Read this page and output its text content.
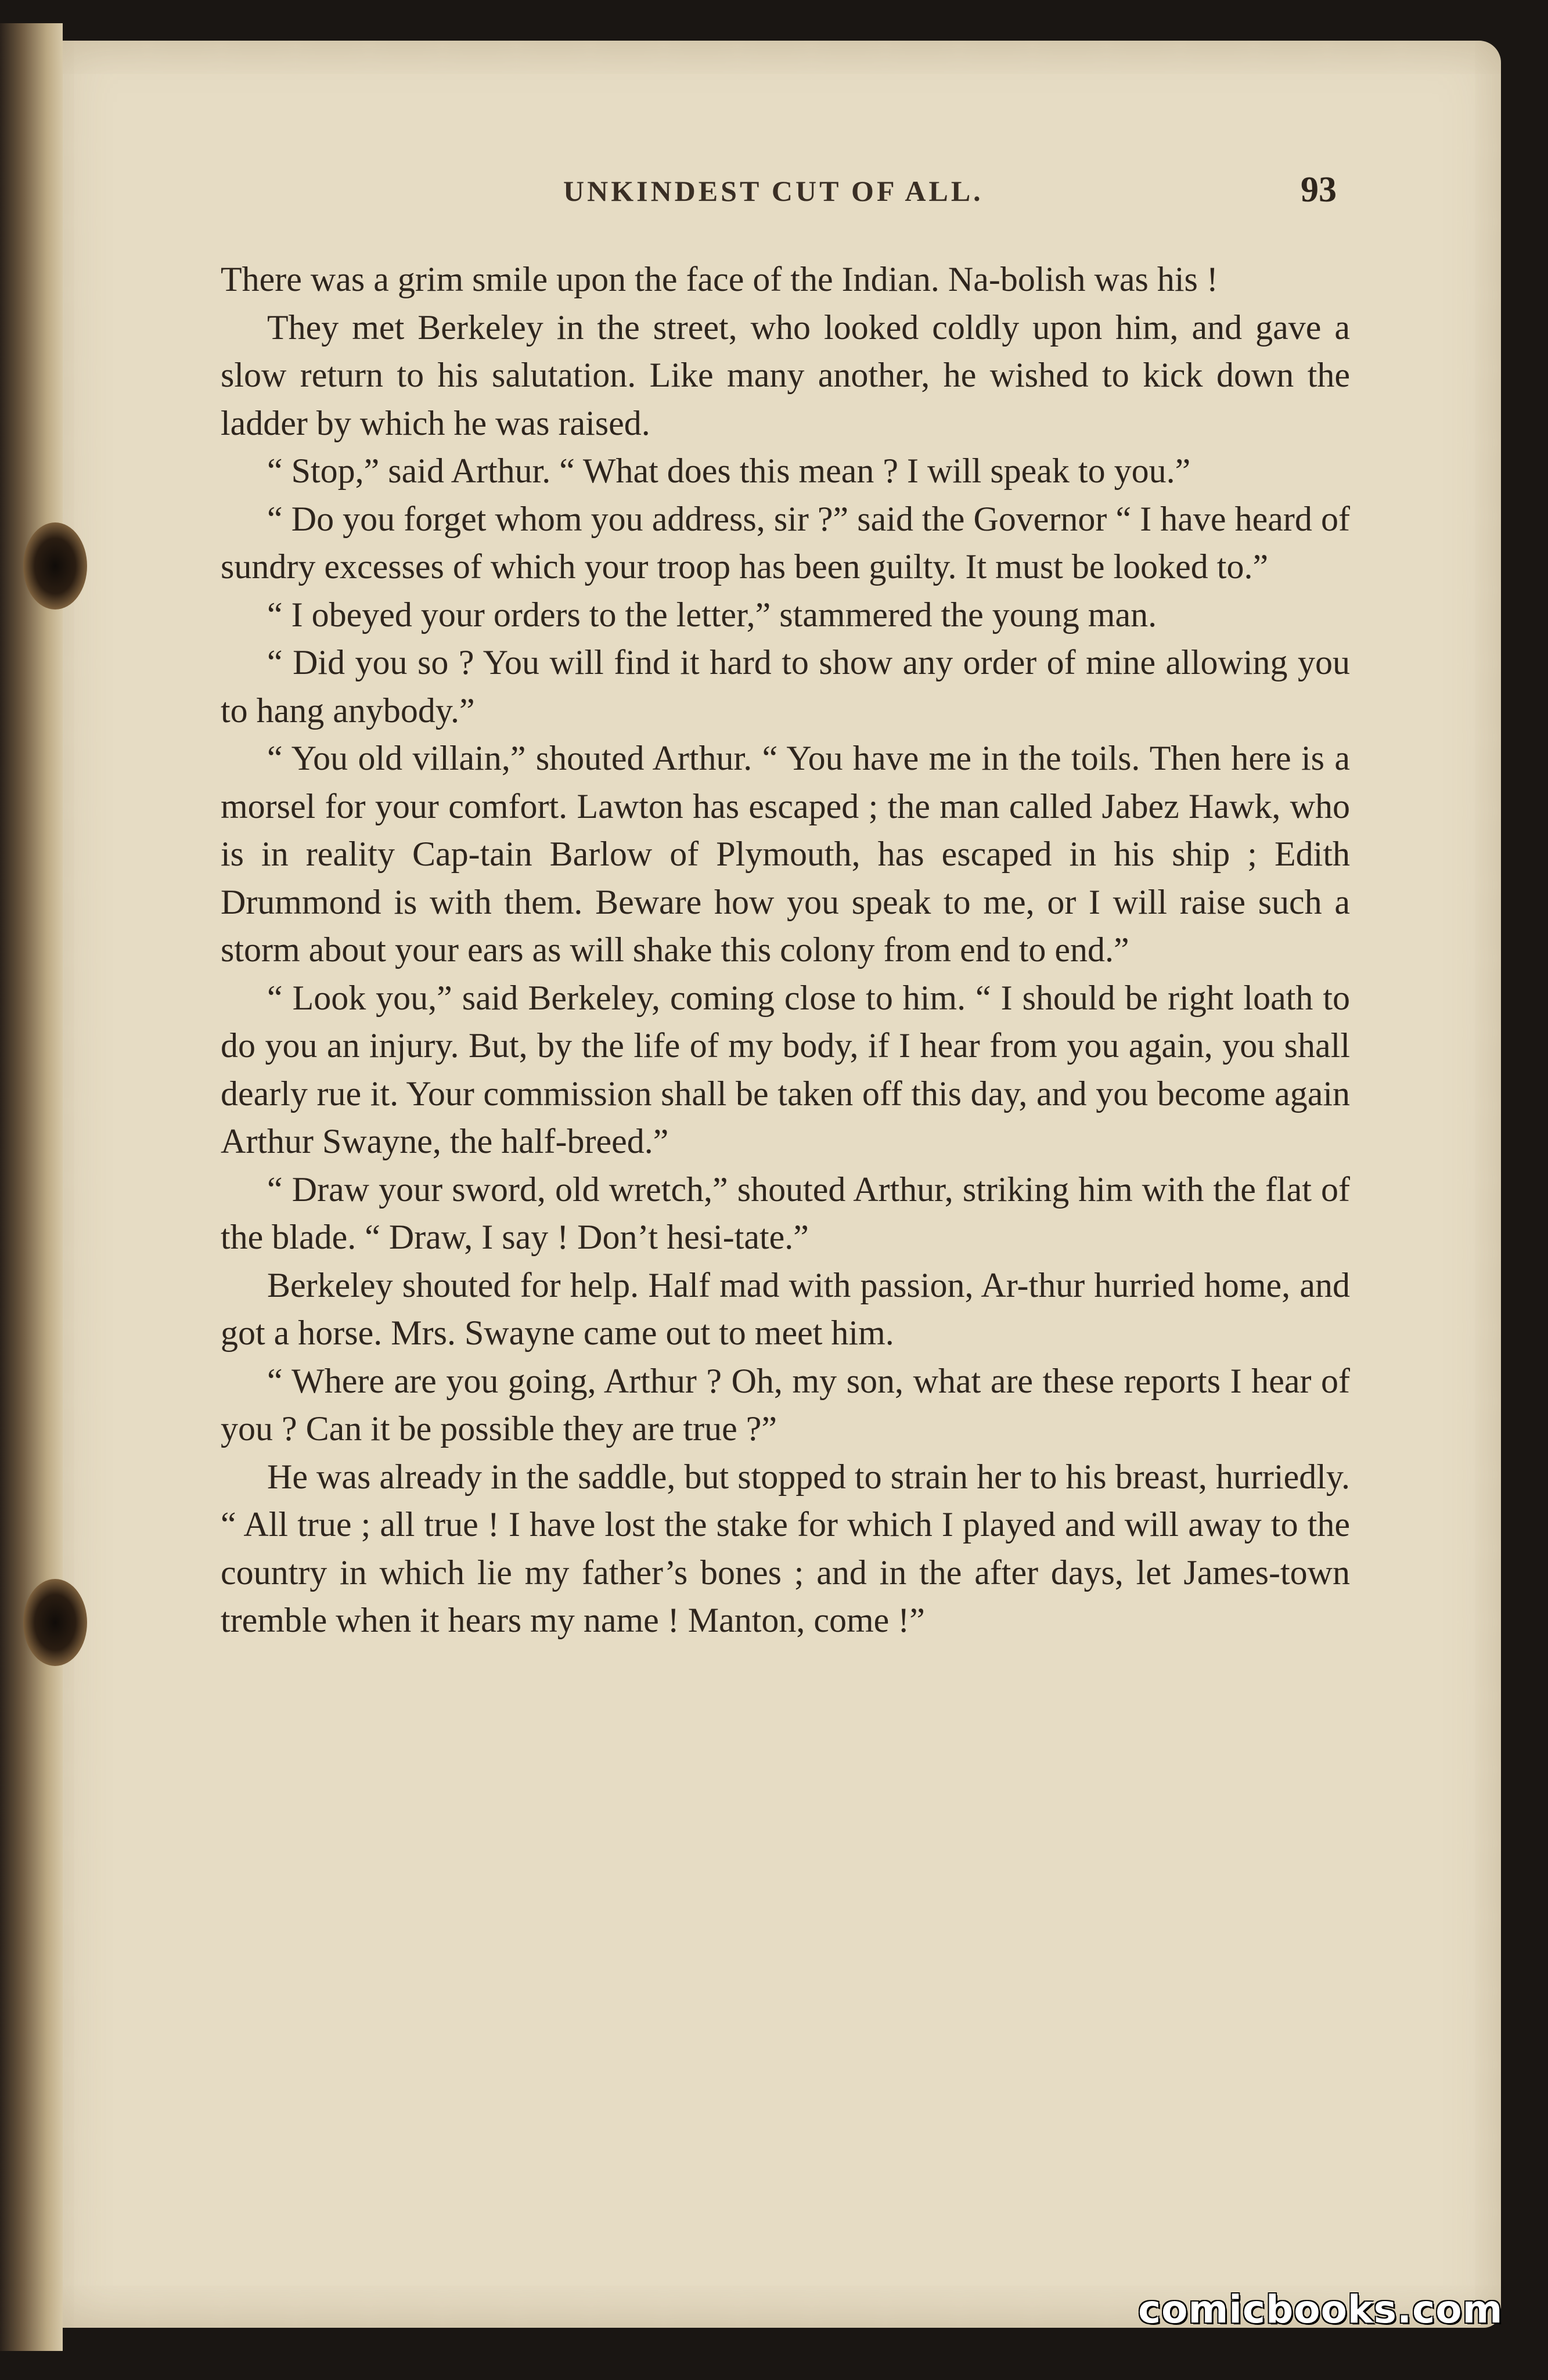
UNKINDEST CUT OF ALL.	93

There was a grim smile upon the face of the Indian. Na-bolish was his !

They met Berkeley in the street, who looked coldly upon him, and gave a slow return to his salutation. Like many another, he wished to kick down the ladder by which he was raised.

“ Stop,” said Arthur. “ What does this mean ? I will speak to you.”

“ Do you forget whom you address, sir ?” said the Governor “ I have heard of sundry excesses of which your troop has been guilty. It must be looked to.”

“ I obeyed your orders to the letter,” stammered the young man.

“ Did you so ? You will find it hard to show any order of mine allowing you to hang anybody.”

“ You old villain,” shouted Arthur. “ You have me in the toils. Then here is a morsel for your comfort. Lawton has escaped ; the man called Jabez Hawk, who is in reality Cap-tain Barlow of Plymouth, has escaped in his ship ; Edith Drummond is with them. Beware how you speak to me, or I will raise such a storm about your ears as will shake this colony from end to end.”

“ Look you,” said Berkeley, coming close to him. “ I should be right loath to do you an injury. But, by the life of my body, if I hear from you again, you shall dearly rue it. Your commission shall be taken off this day, and you become again Arthur Swayne, the half-breed.”

“ Draw your sword, old wretch,” shouted Arthur, striking him with the flat of the blade. “ Draw, I say ! Don’t hesi-tate.”

Berkeley shouted for help. Half mad with passion, Ar-thur hurried home, and got a horse. Mrs. Swayne came out to meet him.

“ Where are you going, Arthur ? Oh, my son, what are these reports I hear of you ? Can it be possible they are true ?”

He was already in the saddle, but stopped to strain her to his breast, hurriedly. “ All true ; all true ! I have lost the stake for which I played and will away to the country in which lie my father’s bones ; and in the after days, let James-town tremble when it hears my name ! Manton, come !”

comicbooks.com
